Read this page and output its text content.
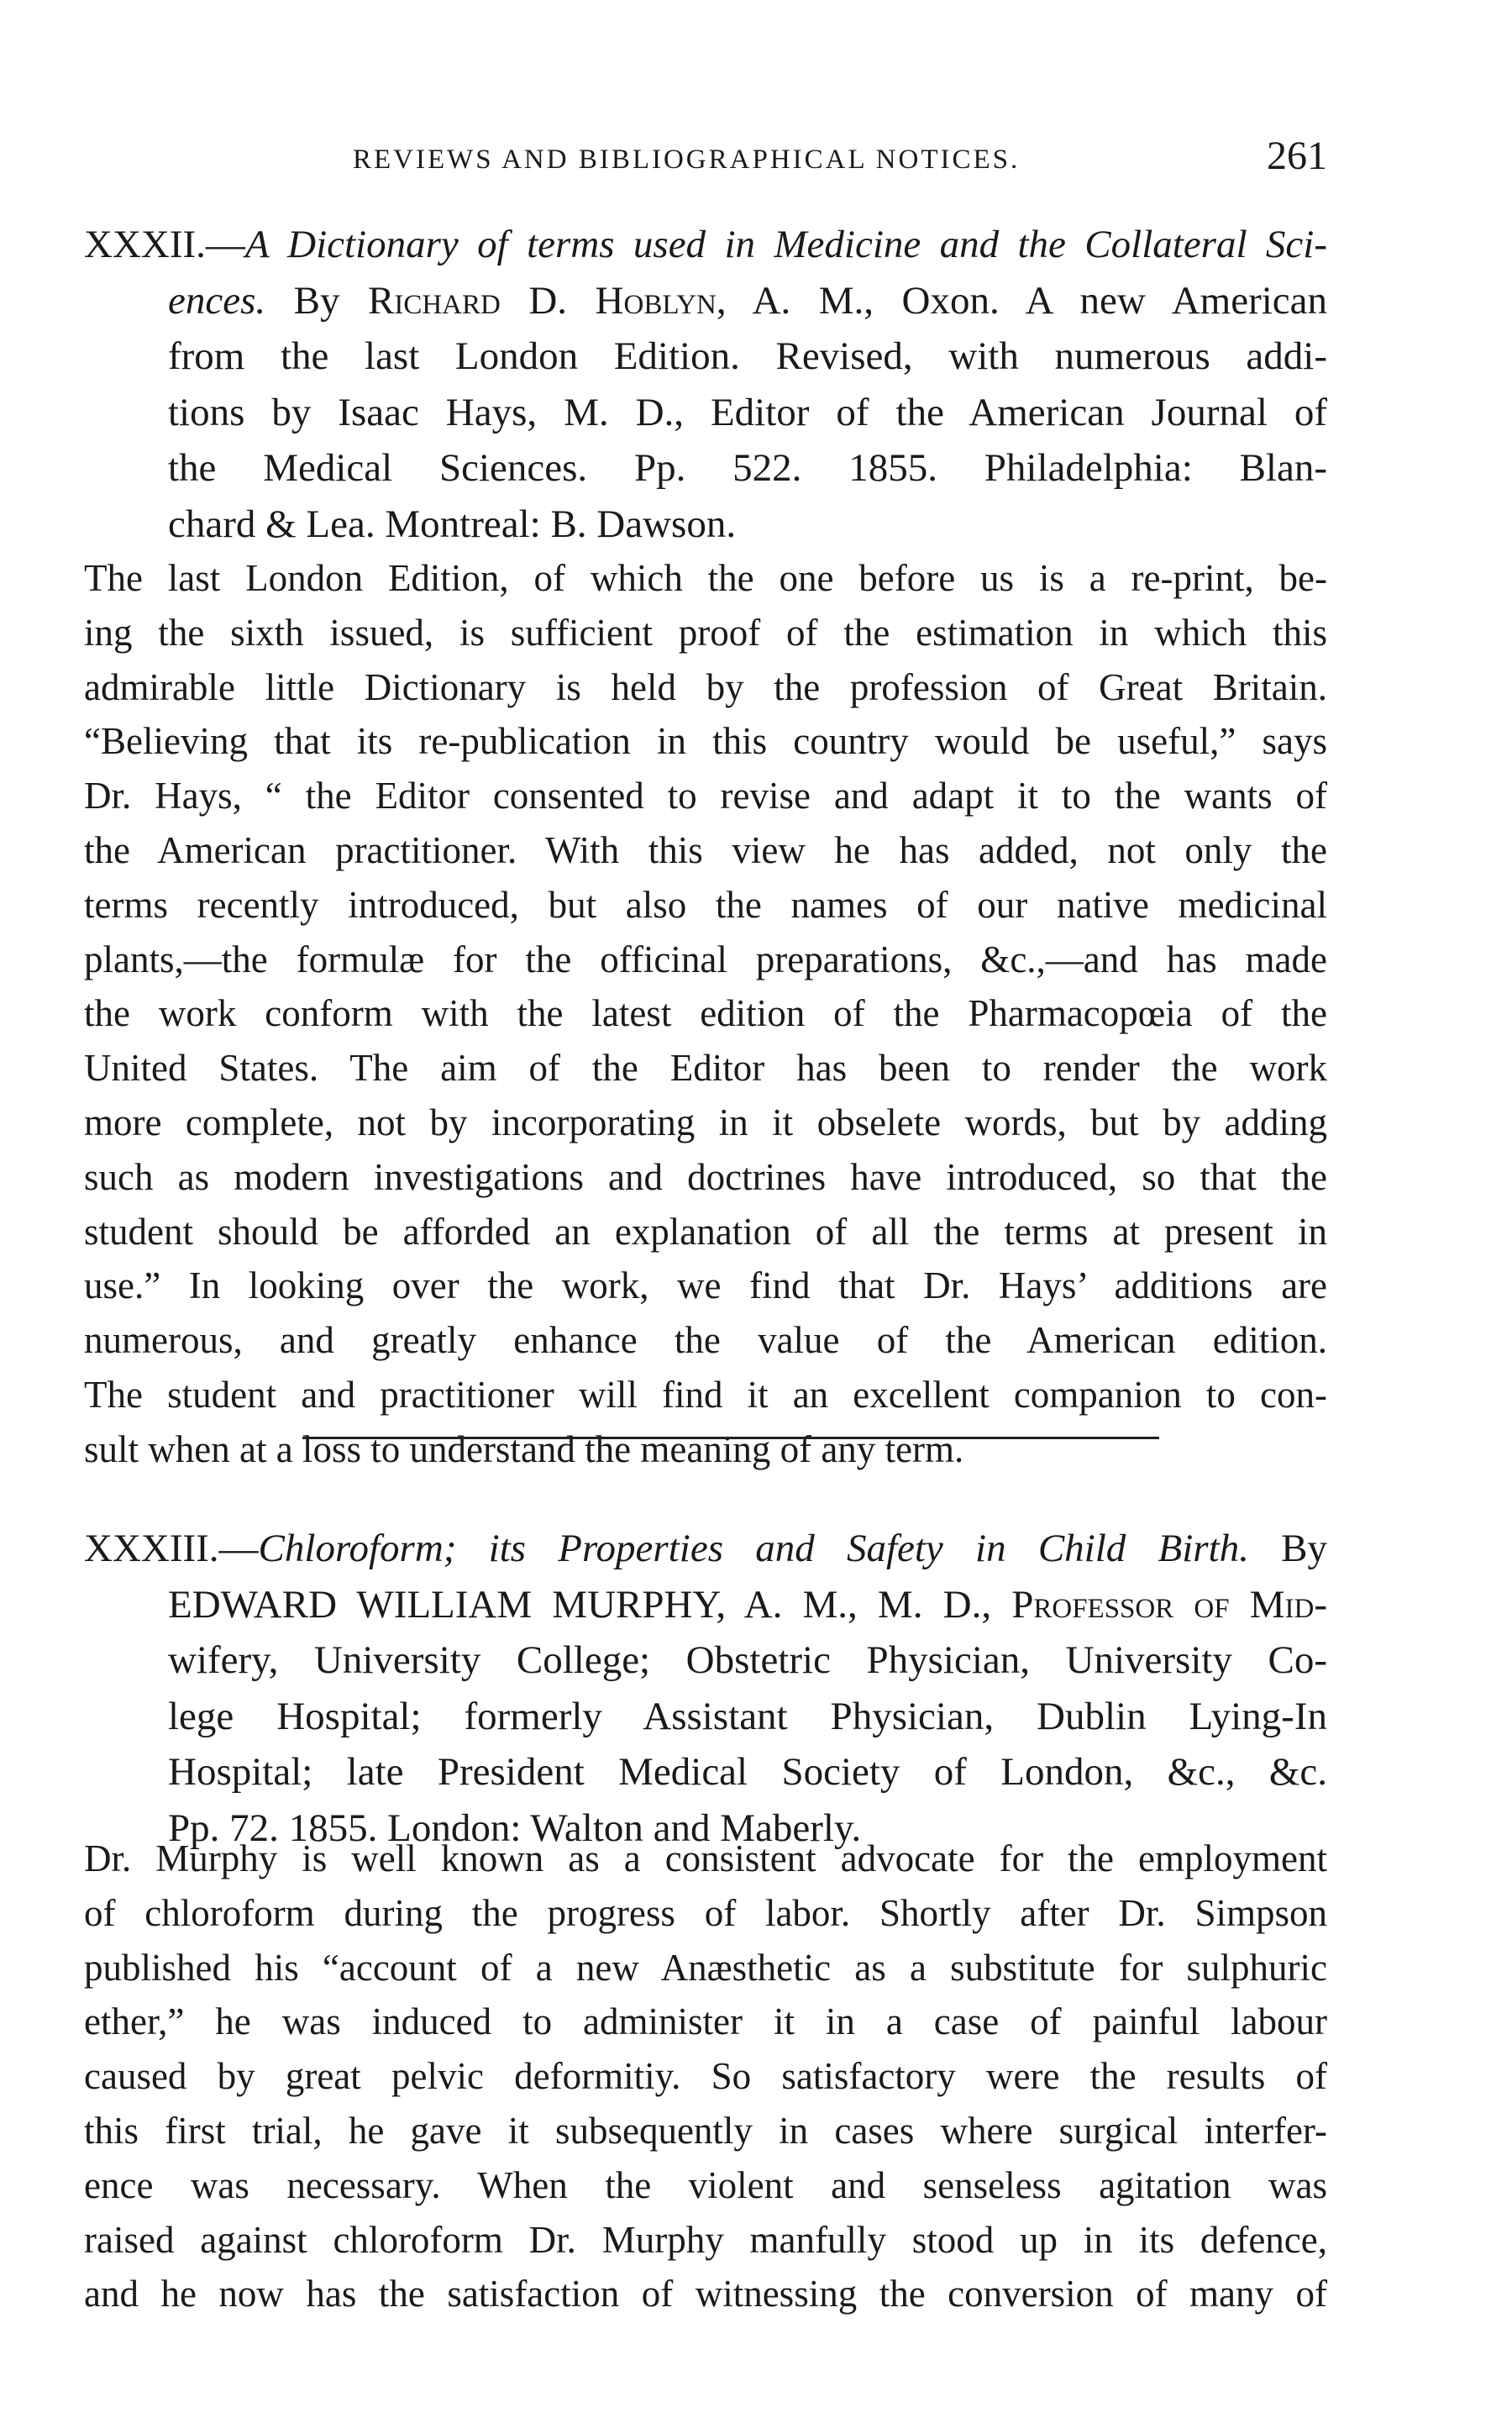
REVIEWS AND BIBLIOGRAPHICAL NOTICES.	261
XXXII.—A Dictionary of terms used in Medicine and the Collateral Sci-
ences. By Richard D. Hoblyn, A. M., Oxon. A new American
from the last London Edition. Revised, with numerous addi-
tions by Isaac Hays, M. D., Editor of the American Journal of
the Medical Sciences. Pp. 522. 1855. Philadelphia: Blan-
chard & Lea. Montreal: B. Dawson.
The last London Edition, of which the one before us is a re-print, be-
ing the sixth issued, is sufficient proof of the estimation in which this
admirable little Dictionary is held by the profession of Great Britain.
“Believing that its re-publication in this country would be useful,” says
Dr. Hays, “ the Editor consented to revise and adapt it to the wants of
the American practitioner. With this view he has added, not only the
terms recently introduced, but also the names of our native medicinal
plants,—the formulæ for the officinal preparations, &c.,—and has made
the work conform with the latest edition of the Pharmacopœia of the
United States. The aim of the Editor has been to render the work
more complete, not by incorporating in it obselete words, but by adding
such as modern investigations and doctrines have introduced, so that the
student should be afforded an explanation of all the terms at present in
use.” In looking over the work, we find that Dr. Hays’ additions are
numerous, and greatly enhance the value of the American edition.
The student and practitioner will find it an excellent companion to con-
sult when at a loss to understand the meaning of any term.
XXXIII.—Chloroform; its Properties and Safety in Child Birth. By
EDWARD WILLIAM MURPHY, A. M., M. D., Professor of Mid-
wifery, University College; Obstetric Physician, University Co-
lege Hospital; formerly Assistant Physician, Dublin Lying-In
Hospital; late President Medical Society of London, &c., &c.
Pp. 72. 1855. London: Walton and Maberly.
Dr. Murphy is well known as a consistent advocate for the employment
of chloroform during the progress of labor. Shortly after Dr. Simpson
published his “account of a new Anæsthetic as a substitute for sulphuric
ether,” he was induced to administer it in a case of painful labour
caused by great pelvic deformitiy. So satisfactory were the results of
this first trial, he gave it subsequently in cases where surgical interfer-
ence was necessary. When the violent and senseless agitation was
raised against chloroform Dr. Murphy manfully stood up in its defence,
and he now has the satisfaction of witnessing the conversion of many of
